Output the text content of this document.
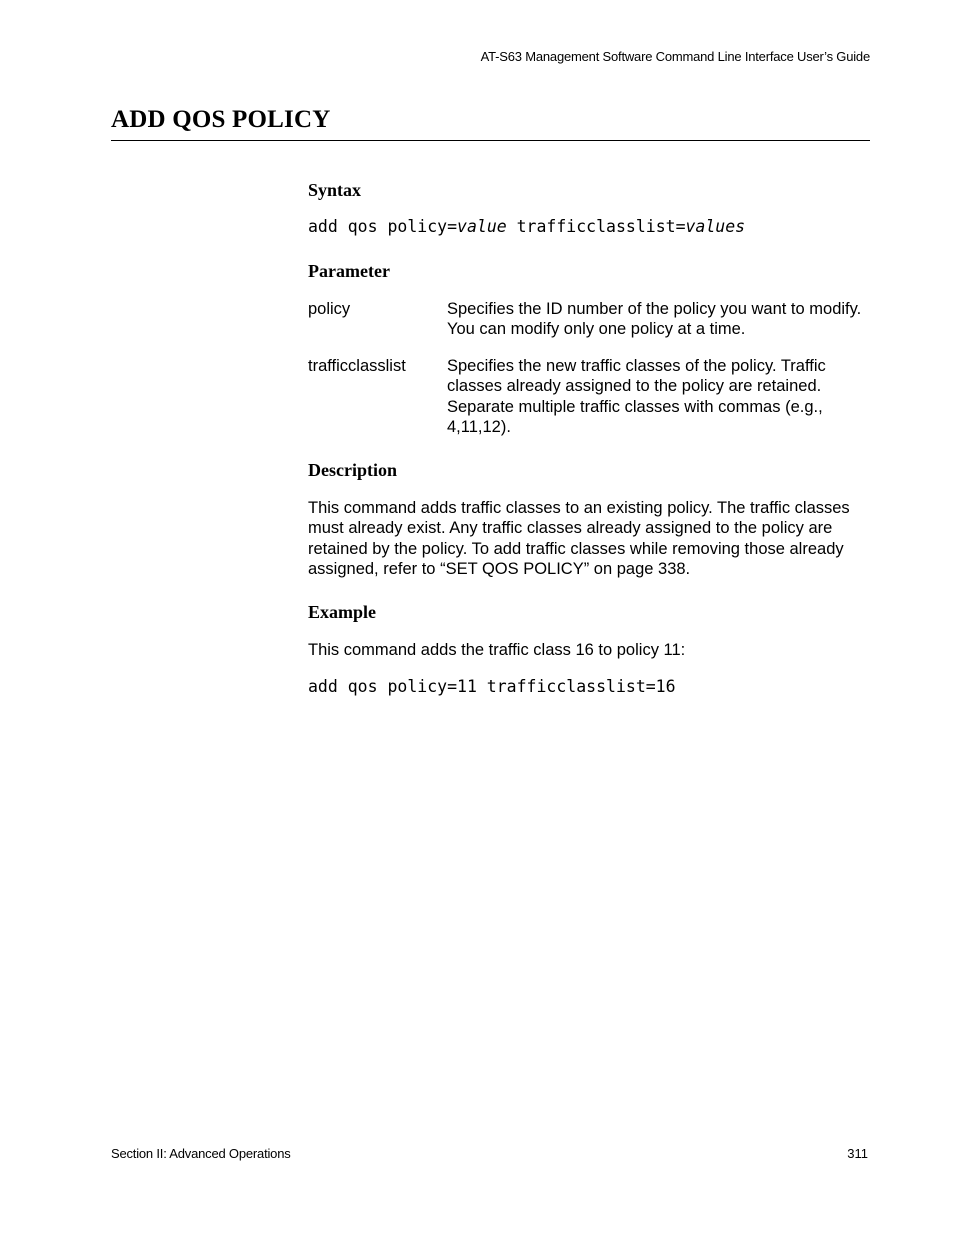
AT-S63 Management Software Command Line Interface User’s Guide
ADD QOS POLICY
Syntax
add qos policy=value trafficclasslist=values
Parameter
policy	Specifies the ID number of the policy you want to modify. You can modify only one policy at a time.

trafficclasslist Specifies the new traffic classes of the policy. Traffic classes already assigned to the policy are retained. Separate multiple traffic classes with commas (e.g., 4,11,12).

Description

This command adds traffic classes to an existing policy. The traffic classes must already exist. Any traffic classes already assigned to the policy are retained by the policy. To add traffic classes while removing those already assigned, refer to “SET QOS POLICY” on page 338.

Example

This command adds the traffic class 16 to policy 11:

add qos policy=11 trafficclasslist=16
Section II: Advanced Operations	311
